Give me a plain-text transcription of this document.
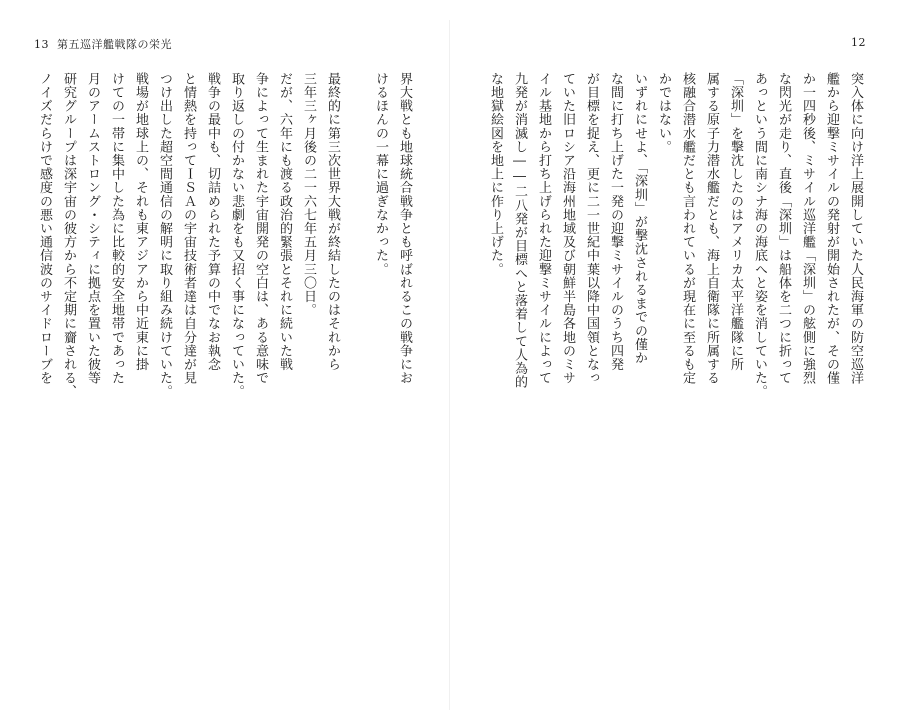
13 第五巡洋艦戦隊の栄光

界大戦とも地球統合戦争とも呼ばれるこの戦争にお

けるほんの一幕に過ぎなかった。

最終的に第三次世界大戦が終結したのはそれから

三年三ヶ月後の二一六七年五月三〇日。

だが、六年にも渡る政治的緊張とそれに続いた戦

争によって生まれた宇宙開発の空白は、ある意味で

取り返しの付かない悲劇をも又招く事になっていた。

戦争の最中も、切詰められた予算の中でなお執念

と情熱を持ってＩＳＡの宇宙技術者達は自分達が見

つけ出した超空間通信の解明に取り組み続けていた。

戦場が地球上の、それも東アジアから中近東に掛

けての一帯に集中した為に比較的安全地帯であった

月のアームストロング・シティに拠点を置いた彼等

研究グループは深宇宙の彼方から不定期に齎される、

ノイズだらけで感度の悪い通信波のサイドローブを

12

突入体に向け洋上展開していた人民海軍の防空巡洋

艦から迎撃ミサイルの発射が開始されたが、その僅

か一四秒後、ミサイル巡洋艦「深圳」の舷側に強烈

な閃光が走り、直後「深圳」は船体を二つに折って

あっという間に南シナ海の海底へと姿を消していた。

「深圳」を撃沈したのはアメリカ太平洋艦隊に所

属する原子力潜水艦だとも、海上自衛隊に所属する

核融合潜水艦だとも言われているが現在に至るも定

かではない。

いずれにせよ、「深圳」が撃沈されるまでの僅か

な間に打ち上げた一発の迎撃ミサイルのうち四発

が目標を捉え、更に二一世紀中葉以降中国領となっ

ていた旧ロシア沿海州地域及び朝鮮半島各地のミサ

イル基地から打ち上げられた迎撃ミサイルによって

九発が消滅し――二八発が目標へと落着して人為的

な地獄絵図を地上に作り上げた。
